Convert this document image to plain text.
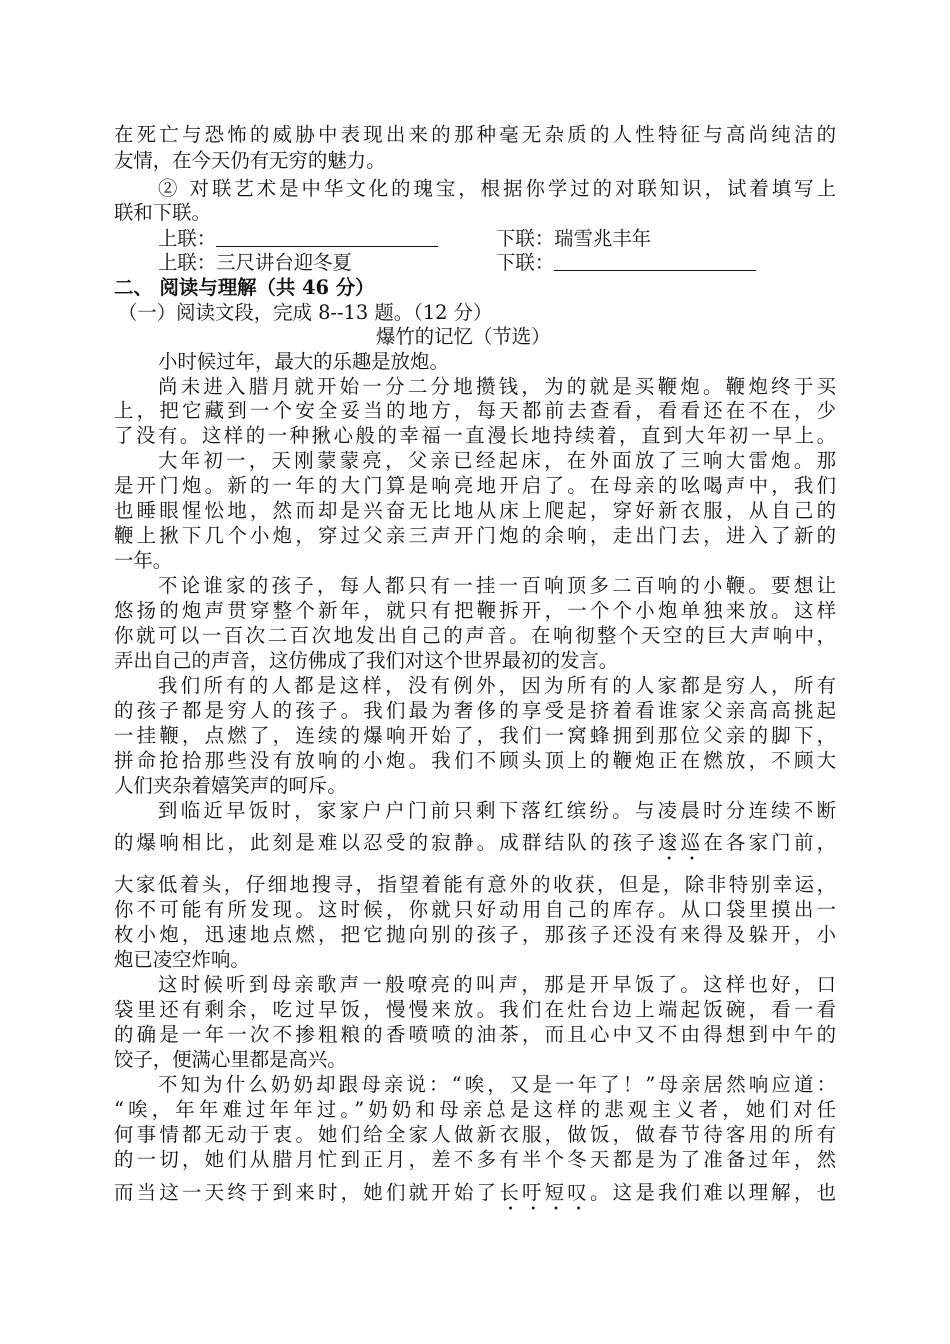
在死亡与恐怖的威胁中表现出来的那种毫无杂质的人性特征与高尚纯洁的
友情，在今天仍有无穷的魅力。
② 对联艺术是中华文化的瑰宝，根据你学过的对联知识，试着填写上
联和下联。
上联：	下联：瑞雪兆丰年
上联：三尺讲台迎冬夏	下联：
二、 阅读与理解（共 46 分）
（一）阅读文段，完成 8--13 题。（12 分）
爆竹的记忆（节选）
小时候过年，最大的乐趣是放炮。
尚未进入腊月就开始一分二分地攒钱，为的就是买鞭炮。鞭炮终于买
上，把它藏到一个安全妥当的地方，每天都前去查看，看看还在不在，少
了没有。这样的一种揪心般的幸福一直漫长地持续着，直到大年初一早上。
大年初一，天刚蒙蒙亮，父亲已经起床，在外面放了三响大雷炮。那
是开门炮。新的一年的大门算是响亮地开启了。在母亲的吆喝声中，我们
也睡眼惺忪地，然而却是兴奋无比地从床上爬起，穿好新衣服，从自己的
鞭上揪下几个小炮，穿过父亲三声开门炮的余响，走出门去，进入了新的
一年。
不论谁家的孩子，每人都只有一挂一百响顶多二百响的小鞭。要想让
悠扬的炮声贯穿整个新年，就只有把鞭拆开，一个个小炮单独来放。这样
你就可以一百次二百次地发出自己的声音。在响彻整个天空的巨大声响中，
弄出自己的声音，这仿佛成了我们对这个世界最初的发言。
我们所有的人都是这样，没有例外，因为所有的人家都是穷人，所有
的孩子都是穷人的孩子。我们最为奢侈的享受是挤着看谁家父亲高高挑起
一挂鞭，点燃了，连续的爆响开始了，我们一窝蜂拥到那位父亲的脚下，
拼命抢拾那些没有放响的小炮。我们不顾头顶上的鞭炮正在燃放，不顾大
人们夹杂着嬉笑声的呵斥。
到临近早饭时，家家户户门前只剩下落红缤纷。与凌晨时分连续不断
的爆响相比，此刻是难以忍受的寂静。成群结队的孩子逡巡在各家门前，
大家低着头，仔细地搜寻，指望着能有意外的收获，但是，除非特别幸运，
你不可能有所发现。这时候，你就只好动用自己的库存。从口袋里摸出一
枚小炮，迅速地点燃，把它抛向别的孩子，那孩子还没有来得及躲开，小
炮已凌空炸响。
这时候听到母亲歌声一般嘹亮的叫声，那是开早饭了。这样也好，口
袋里还有剩余，吃过早饭，慢慢来放。我们在灶台边上端起饭碗，看一看
的确是一年一次不掺粗粮的香喷喷的油茶，而且心中又不由得想到中午的
饺子，便满心里都是高兴。
不知为什么奶奶却跟母亲说：“唉，又是一年了！”母亲居然响应道：
“唉，年年难过年年过。”奶奶和母亲总是这样的悲观主义者，她们对任
何事情都无动于衷。她们给全家人做新衣服，做饭，做春节待客用的所有
的一切，她们从腊月忙到正月，差不多有半个冬天都是为了准备过年，然
而当这一天终于到来时，她们就开始了长吁短叹。这是我们难以理解，也
